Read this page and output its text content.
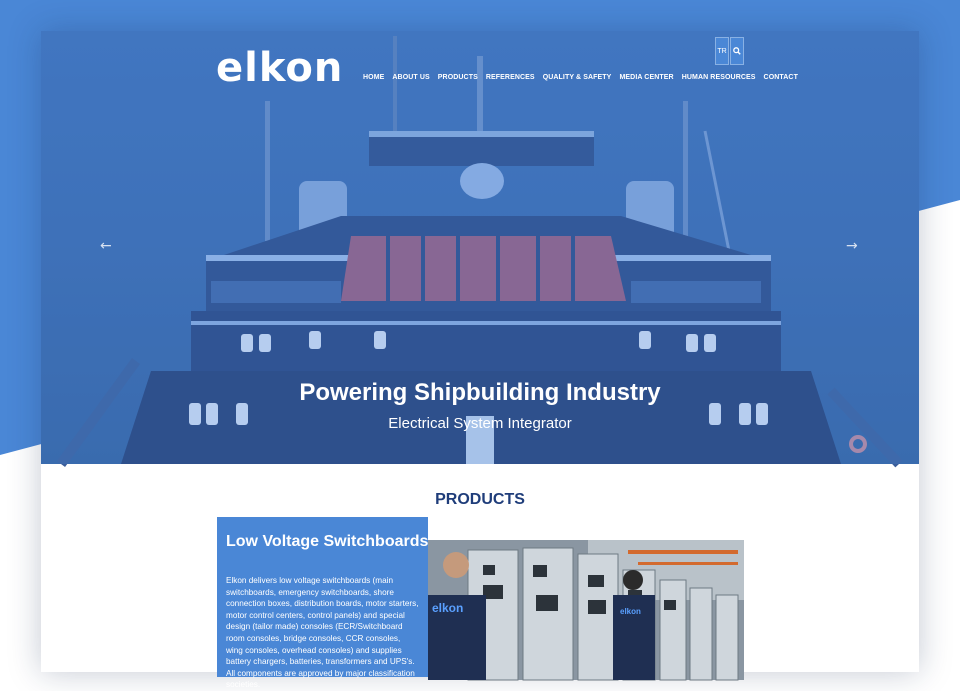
elkon	TR
HOME ABOUT US PRODUCTS REFERENCES QUALITY & SAFETY MEDIA CENTER HUMAN RESOURCES CONTACT
←	→
Powering Shipbuilding Industry
Electrical System Integrator
PRODUCTS
Low Voltage Switchboards

Elkon delivers low voltage switchboards (main switchboards, emergency switchboards, shore connection boxes, distribution boards, motor starters, motor control centers, control panels) and special design (tailor made) consoles (ECR/Switchboard room consoles, bridge consoles, CCR consoles, wing consoles, overhead consoles) and supplies battery chargers, batteries, transformers and UPS's. All components are approved by major classification societies.

elkon	elkon
